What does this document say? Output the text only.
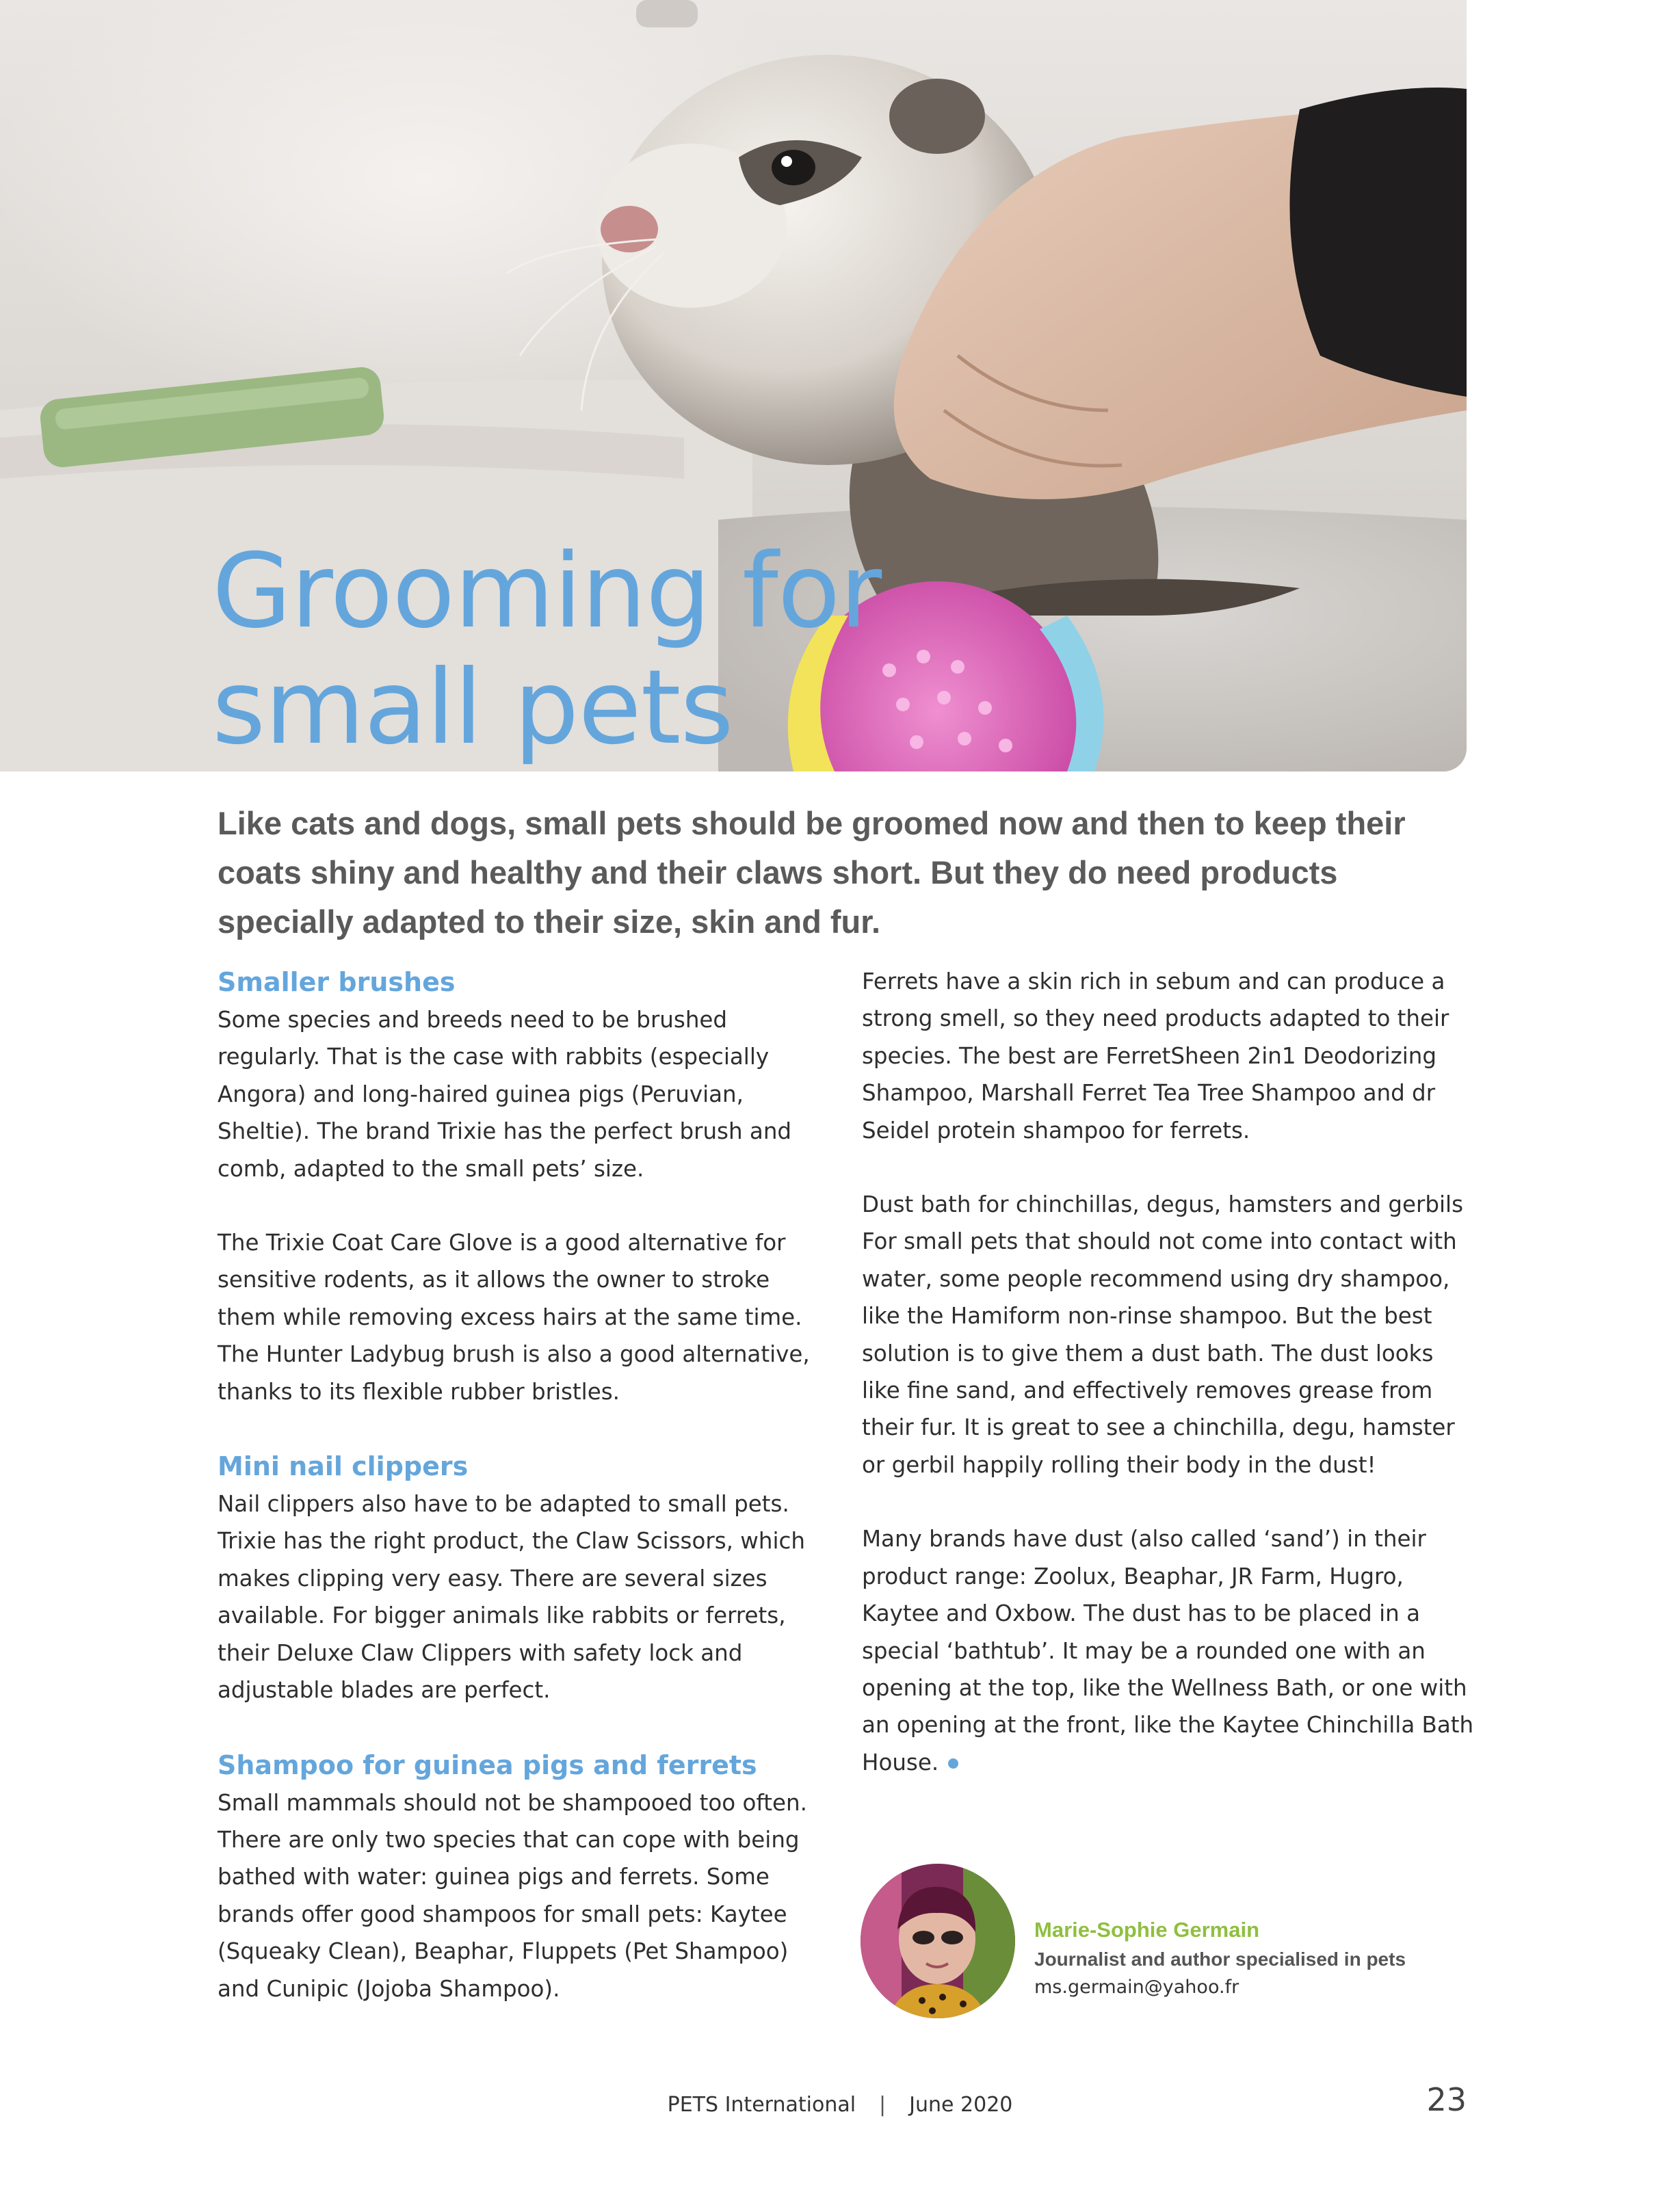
Grooming for
small pets

Like cats and dogs, small pets should be groomed now and then to keep their coats shiny and healthy and their claws short. But they do need products specially adapted to their size, skin and fur.

Smaller brushes

Some species and breeds need to be brushed regularly. That is the case with rabbits (especially Angora) and long-haired guinea pigs (Peruvian, Sheltie). The brand Trixie has the perfect brush and comb, adapted to the small pets’ size.

The Trixie Coat Care Glove is a good alternative for sensitive rodents, as it allows the owner to stroke them while removing excess hairs at the same time. The Hunter Ladybug brush is also a good alternative, thanks to its flexible rubber bristles.

Mini nail clippers

Nail clippers also have to be adapted to small pets. Trixie has the right product, the Claw Scissors, which makes clipping very easy. There are several sizes available. For bigger animals like rabbits or ferrets, their Deluxe Claw Clippers with safety lock and adjustable blades are perfect.

Shampoo for guinea pigs and ferrets

Small mammals should not be shampooed too often. There are only two species that can cope with being bathed with water: guinea pigs and ferrets. Some brands offer good shampoos for small pets: Kaytee (Squeaky Clean), Beaphar, Fluppets (Pet Shampoo) and Cunipic (Jojoba Shampoo).

Ferrets have a skin rich in sebum and can produce a strong smell, so they need products adapted to their species. The best are FerretSheen 2in1 Deodorizing Shampoo, Marshall Ferret Tea Tree Shampoo and dr Seidel protein shampoo for ferrets.

Dust bath for chinchillas, degus, hamsters and gerbils For small pets that should not come into contact with water, some people recommend using dry shampoo, like the Hamiform non-rinse shampoo. But the best solution is to give them a dust bath. The dust looks like fine sand, and effectively removes grease from their fur. It is great to see a chinchilla, degu, hamster or gerbil happily rolling their body in the dust!

Many brands have dust (also called ‘sand’) in their product range: Zoolux, Beaphar, JR Farm, Hugro, Kaytee and Oxbow. The dust has to be placed in a special ‘bathtub’. It may be a rounded one with an opening at the top, like the Wellness Bath, or one with an opening at the front, like the Kaytee Chinchilla Bath House.

Marie-Sophie Germain

Journalist and author specialised in pets

ms.germain@yahoo.fr

PETS International | June 2020	23
